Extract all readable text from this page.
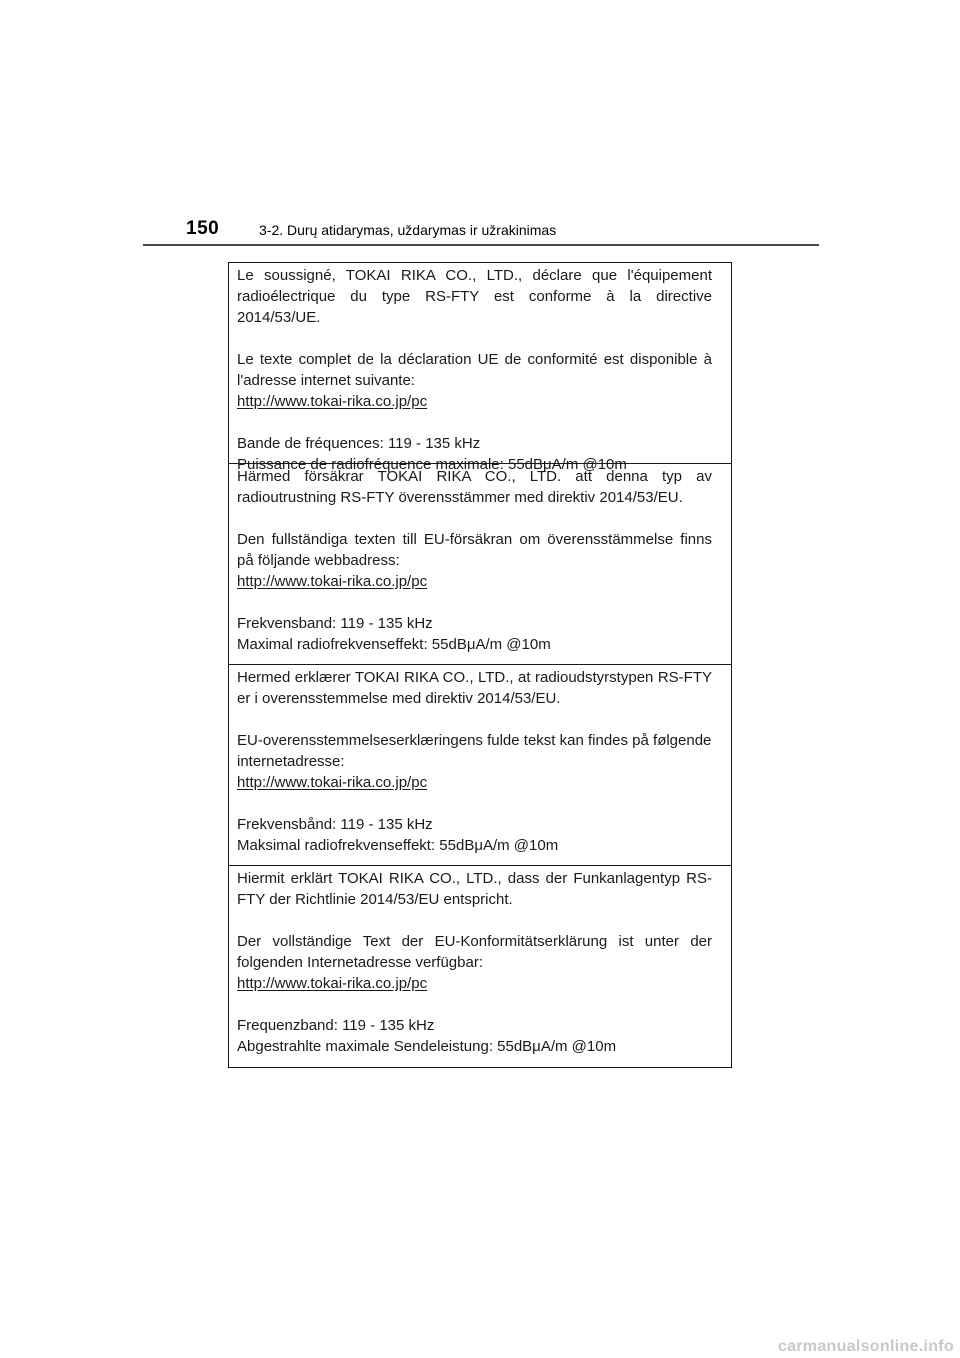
150	3-2. Durų atidarymas, uždarymas ir užrakinimas

Le soussigné, TOKAI RIKA CO., LTD., déclare que l'équipement radioélectrique du type RS-FTY est conforme à la directive 2014/53/UE.

Le texte complet de la déclaration UE de conformité est disponible à l'adresse internet suivante:

http://www.tokai-rika.co.jp/pc
Bande de fréquences: 119 - 135 kHz
Puissance de radiofréquence maximale: 55dBμA/m @10m

Härmed försäkrar TOKAI RIKA CO., LTD. att denna typ av radioutrustning RS-FTY överensstämmer med direktiv 2014/53/EU.

Den fullständiga texten till EU-försäkran om överensstämmelse finns på följande webbadress:

http://www.tokai-rika.co.jp/pc
Frekvensband: 119 - 135 kHz
Maximal radiofrekvenseffekt: 55dBμA/m @10m

Hermed erklærer TOKAI RIKA CO., LTD., at radioudstyrstypen RS-FTY er i overensstemmelse med direktiv 2014/53/EU.

EU-overensstemmelseserklæringens fulde tekst kan findes på følgende internetadresse:

http://www.tokai-rika.co.jp/pc
Frekvensbånd: 119 - 135 kHz
Maksimal radiofrekvenseffekt: 55dBμA/m @10m

Hiermit erklärt TOKAI RIKA CO., LTD., dass der Funkanlagentyp RS-FTY der Richtlinie 2014/53/EU entspricht.

Der vollständige Text der EU-Konformitätserklärung ist unter der folgenden Internetadresse verfügbar:

http://www.tokai-rika.co.jp/pc
Frequenzband: 119 - 135 kHz
Abgestrahlte maximale Sendeleistung: 55dBμA/m @10m
carmanualsonline.info
